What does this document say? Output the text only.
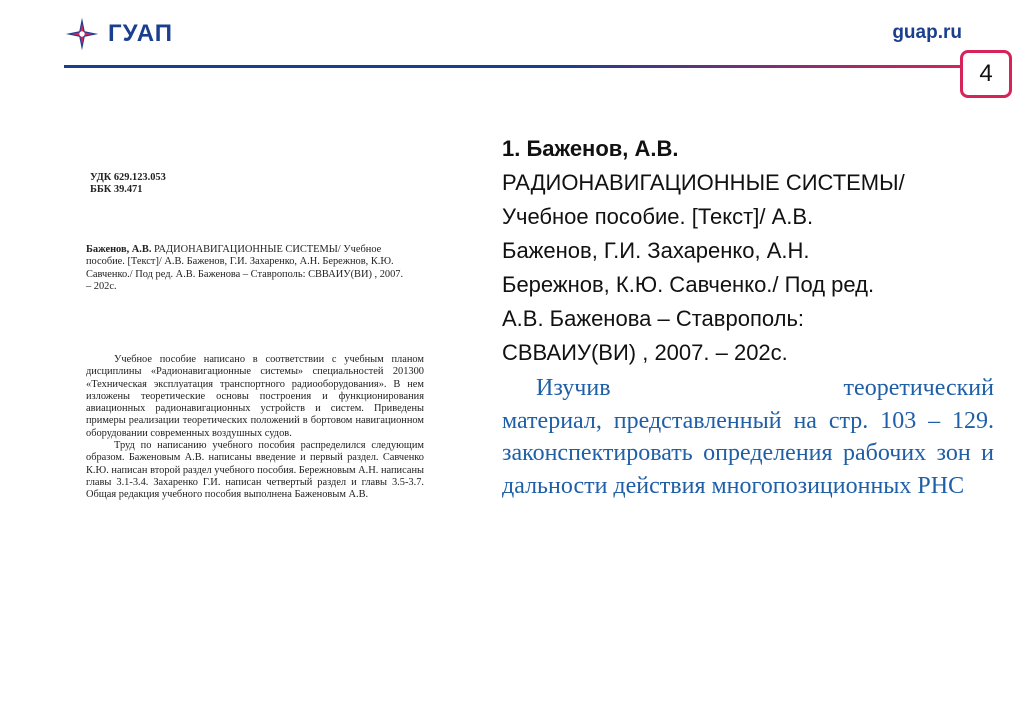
ГУАП	guap.ru
4
УДК 629.123.053
ББК 39.471
Баженов, А.В. РАДИОНАВИГАЦИОННЫЕ СИСТЕМЫ/ Учебное пособие. [Текст]/ А.В. Баженов, Г.И. Захаренко, А.Н. Бережнов, К.Ю. Савченко./ Под ред. А.В. Баженова – Ставрополь: СВВАИУ(ВИ) , 2007. – 202с.

Учебное пособие написано в соответствии с учебным планом дисциплины «Радионавигационные системы» специальностей 201300 «Техническая эксплуатация транспортного радиооборудования». В нем изложены теоретические основы построения и функционирования авиационных радионавигационных устройств и систем. Приведены примеры реализации теоретических положений в бортовом навигационном оборудовании современных воздушных судов.

Труд по написанию учебного пособия распределился следующим образом. Баженовым А.В. написаны введение и первый раздел. Савченко К.Ю. написан второй раздел учебного пособия. Бережновым А.Н. написаны главы 3.1-3.4. Захаренко Г.И. написан четвертый раздел и главы 3.5-3.7. Общая редакция учебного пособия выполнена Баженовым А.В.

1. Баженов, А.В.
РАДИОНАВИГАЦИОННЫЕ СИСТЕМЫ/
Учебное пособие. [Текст]/ А.В.
Баженов, Г.И. Захаренко, А.Н.
Бережнов, К.Ю. Савченко./ Под ред.
А.В. Баженова – Ставрополь:
СВВАИУ(ВИ) , 2007. – 202с.
Изучив	теоретический
материал, представленный на стр. 103 – 129. законспектировать определения рабочих зон и дальности действия многопозиционных РНС
